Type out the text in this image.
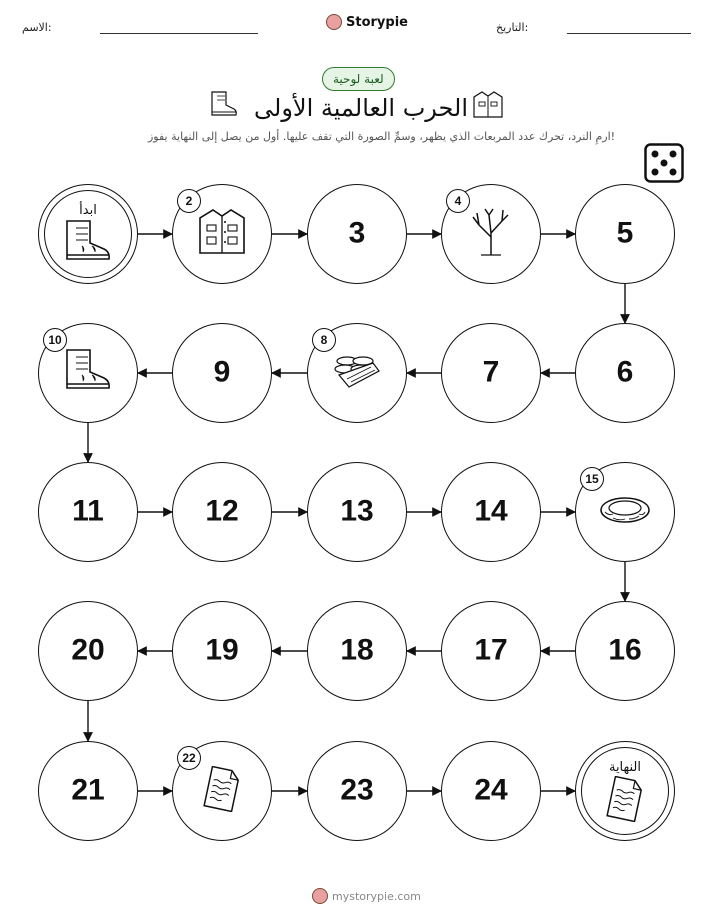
الاسم:	Storypie	التاريخ:
لعبة لوحية
الحرب العالمية الأولى
ارمِ النرد، تحرك عدد المربعات الذي يظهر، وسمِّ الصورة التي تقف عليها. أول من يصل إلى النهاية يفوز!
ابدأ
2
3
4
5
6
7
8
9
10
11	12	13	14
15
16
17
18
19
20
21
22
23	24
النهاية
mystorypie.com
